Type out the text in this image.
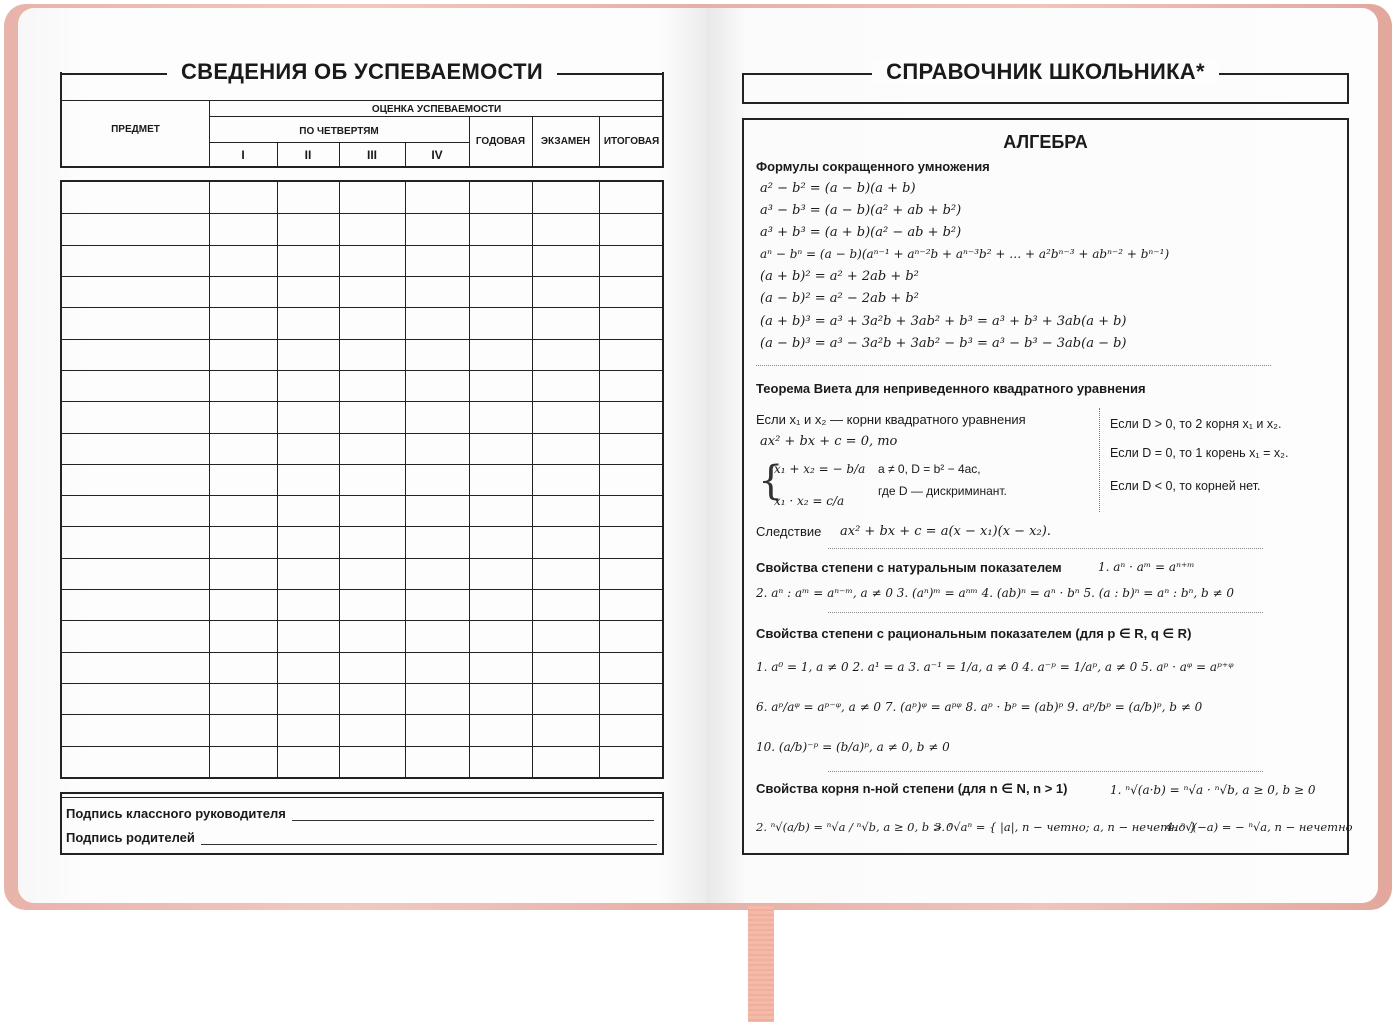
СВЕДЕНИЯ ОБ УСПЕВАЕМОСТИ
ПРЕДМЕТ
ОЦЕНКА УСПЕВАЕМОСТИ
ПО ЧЕТВЕРТЯМ
I	II	III	IV
ГОДОВАЯ	ЭКЗАМЕН	ИТОГОВАЯ
Подпись классного руководителя
Подпись родителей
СПРАВОЧНИК ШКОЛЬНИКА*
АЛГЕБРА
Формулы сокращенного умножения
a² − b² = (a − b)(a + b)
a³ − b³ = (a − b)(a² + ab + b²)
a³ + b³ = (a + b)(a² − ab + b²)
aⁿ − bⁿ = (a − b)(aⁿ⁻¹ + aⁿ⁻²b + aⁿ⁻³b² + … + a²bⁿ⁻³ + abⁿ⁻² + bⁿ⁻¹)
(a + b)² = a² + 2ab + b²
(a − b)² = a² − 2ab + b²
(a + b)³ = a³ + 3a²b + 3ab² + b³ = a³ + b³ + 3ab(a + b)
(a − b)³ = a³ − 3a²b + 3ab² − b³ = a³ − b³ − 3ab(a − b)
Теорема Виета для неприведенного квадратного уравнения
Если x₁ и x₂ — корни квадратного уравнения
ax² + bx + c = 0, то
{
x₁ + x₂ = − b/a
x₁ · x₂ = c/a
a ≠ 0, D = b² − 4ac,
где D — дискриминант.
Если D > 0, то 2 корня x₁ и x₂.
Если D = 0, то 1 корень x₁ = x₂.
Если D < 0, то корней нет.
Следствие ax² + bx + c = a(x − x₁)(x − x₂).
Свойства степени с натуральным показателем	1. aⁿ · aᵐ = aⁿ⁺ᵐ
2. aⁿ : aᵐ = aⁿ⁻ᵐ, a ≠ 0 3. (aⁿ)ᵐ = aⁿᵐ 4. (ab)ⁿ = aⁿ · bⁿ 5. (a : b)ⁿ = aⁿ : bⁿ, b ≠ 0
Свойства степени с рациональным показателем (для p ∈ R, q ∈ R)
1. a⁰ = 1, a ≠ 0 2. a¹ = a 3. a⁻¹ = 1/a, a ≠ 0 4. a⁻ᵖ = 1/aᵖ, a ≠ 0 5. aᵖ · aᵠ = aᵖ⁺ᵠ
6. aᵖ/aᵠ = aᵖ⁻ᵠ, a ≠ 0 7. (aᵖ)ᵠ = aᵖᵠ 8. aᵖ · bᵖ = (ab)ᵖ 9. aᵖ/bᵖ = (a/b)ᵖ, b ≠ 0
10. (a/b)⁻ᵖ = (b/a)ᵖ, a ≠ 0, b ≠ 0
Свойства корня n-ной степени (для n ∈ N, n > 1)	1. ⁿ√(a·b) = ⁿ√a · ⁿ√b, a ≥ 0, b ≥ 0
2. ⁿ√(a/b) = ⁿ√a / ⁿ√b, a ≥ 0, b > 0
3. ⁿ√aⁿ = { |a|, n − четно; a, n − нечетно }
4. ⁿ√(−a) = − ⁿ√a, n − нечетно
